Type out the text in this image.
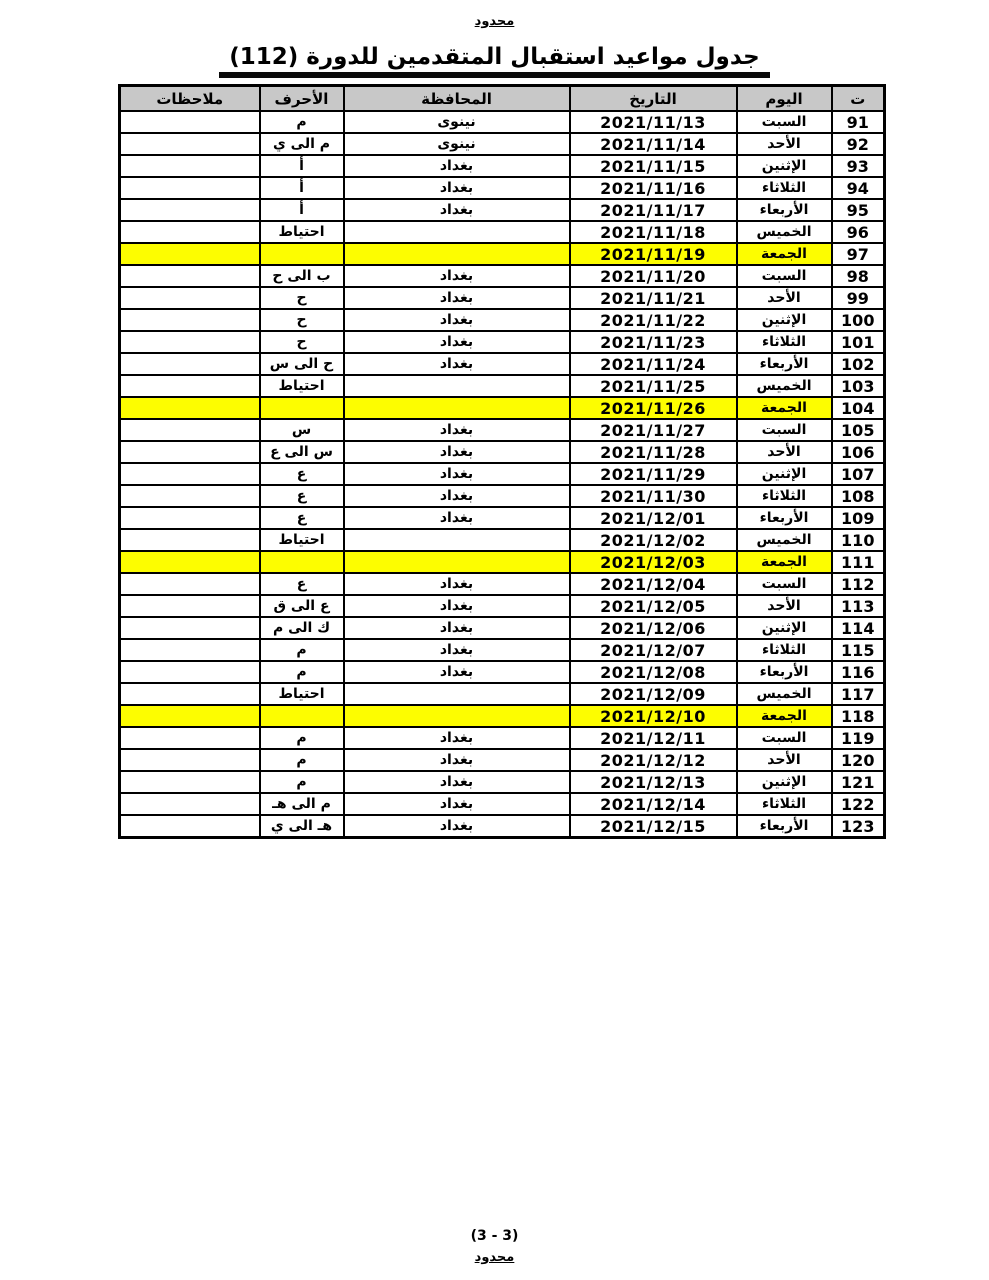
محدود
جدول مواعيد استقبال المتقدمين للدورة (112)
ت	اليوم	التاريخ	المحافظة	الأحرف	ملاحظات
91	السبت	2021/11/13	نينوى	م	
92	الأحد	2021/11/14	نينوى	م الى ي	
93	الإثنين	2021/11/15	بغداد	أ	
94	الثلاثاء	2021/11/16	بغداد	أ	
95	الأربعاء	2021/11/17	بغداد	أ	
96	الخميس	2021/11/18		احتياط	
97	الجمعة	2021/11/19			
98	السبت	2021/11/20	بغداد	ب الى ح	
99	الأحد	2021/11/21	بغداد	ح	
100	الإثنين	2021/11/22	بغداد	ح	
101	الثلاثاء	2021/11/23	بغداد	ح	
102	الأربعاء	2021/11/24	بغداد	ح الى س	
103	الخميس	2021/11/25		احتياط	
104	الجمعة	2021/11/26			
105	السبت	2021/11/27	بغداد	س	
106	الأحد	2021/11/28	بغداد	س الى ع	
107	الإثنين	2021/11/29	بغداد	ع	
108	الثلاثاء	2021/11/30	بغداد	ع	
109	الأربعاء	2021/12/01	بغداد	ع	
110	الخميس	2021/12/02		احتياط	
111	الجمعة	2021/12/03			
112	السبت	2021/12/04	بغداد	ع	
113	الأحد	2021/12/05	بغداد	ع الى ق	
114	الإثنين	2021/12/06	بغداد	ك الى م	
115	الثلاثاء	2021/12/07	بغداد	م	
116	الأربعاء	2021/12/08	بغداد	م	
117	الخميس	2021/12/09		احتياط	
118	الجمعة	2021/12/10			
119	السبت	2021/12/11	بغداد	م	
120	الأحد	2021/12/12	بغداد	م	
121	الإثنين	2021/12/13	بغداد	م	
122	الثلاثاء	2021/12/14	بغداد	م الى هـ	
123	الأربعاء	2021/12/15	بغداد	هـ الى ي	
(3 - 3)
محدود
